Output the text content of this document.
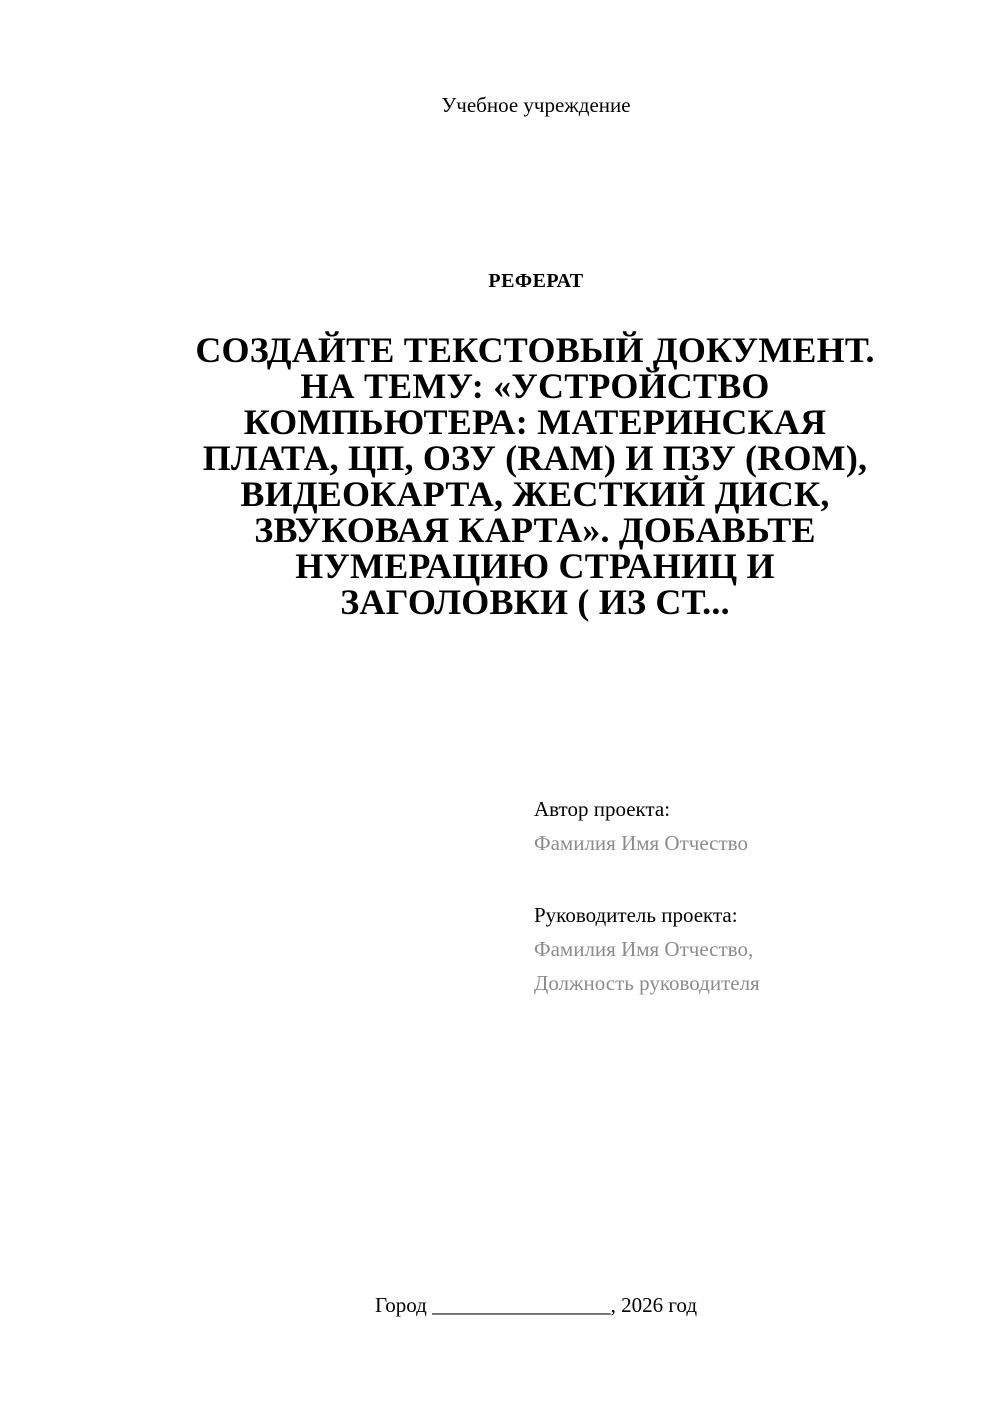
Учебное учреждение
РЕФЕРАТ
СОЗДАЙТЕ ТЕКСТОВЫЙ ДОКУМЕНТ.
НА ТЕМУ: «УСТРОЙСТВО
КОМПЬЮТЕРА: МАТЕРИНСКАЯ
ПЛАТА, ЦП, ОЗУ (RAM) И ПЗУ (ROM),
ВИДЕОКАРТА, ЖЕСТКИЙ ДИСК,
ЗВУКОВАЯ КАРТА». ДОБАВЬТЕ
НУМЕРАЦИЮ СТРАНИЦ И
ЗАГОЛОВКИ ( ИЗ СТ...
Автор проекта:
Фамилия Имя Отчество
Руководитель проекта:
Фамилия Имя Отчество,
Должность руководителя
Город _________________, 2026 год
